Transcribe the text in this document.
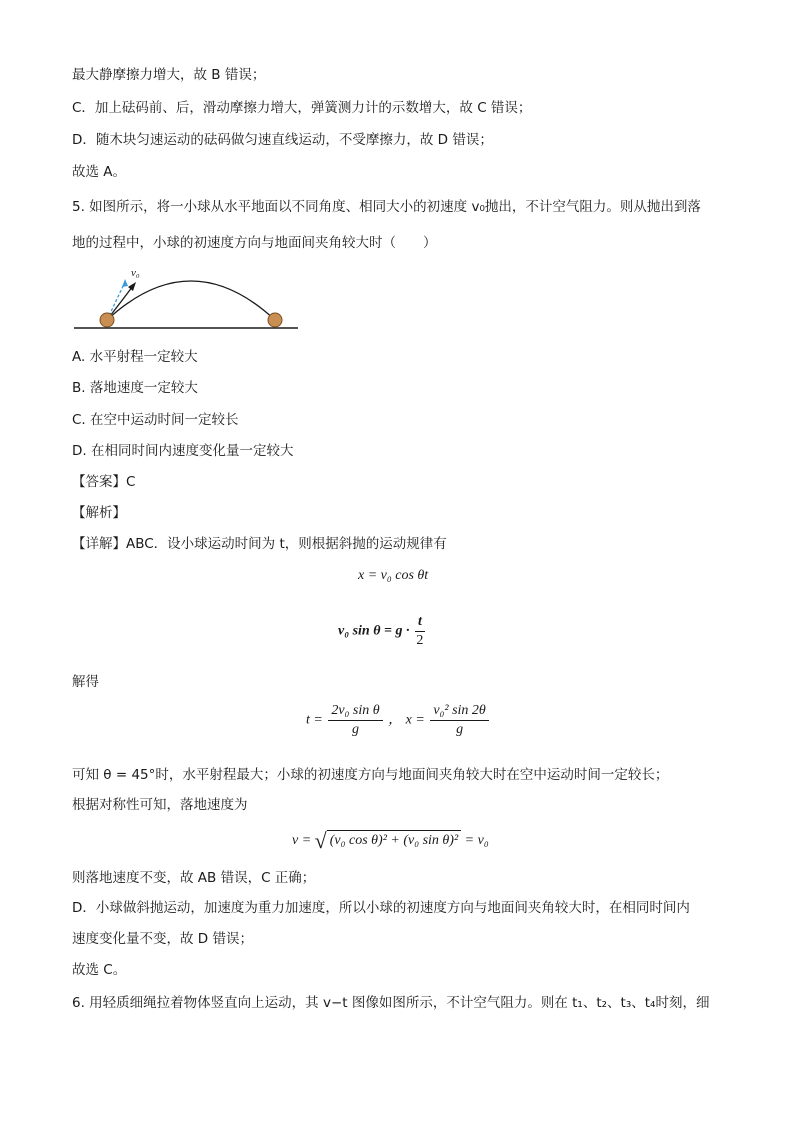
最大静摩擦力增大，故 B 错误；
C．加上砝码前、后，滑动摩擦力增大，弹簧测力计的示数增大，故 C 错误；
D．随木块匀速运动的砝码做匀速直线运动，不受摩擦力，故 D 错误；
故选 A。
5. 如图所示，将一小球从水平地面以不同角度、相同大小的初速度 v₀抛出，不计空气阻力。则从抛出到落
地的过程中，小球的初速度方向与地面间夹角较大时（　　）
v₀
A. 水平射程一定较大
B. 落地速度一定较大
C. 在空中运动时间一定较长
D. 在相同时间内速度变化量一定较大
【答案】C
【解析】
【详解】ABC．设小球运动时间为 t，则根据斜抛的运动规律有
x = v₀ cos θt
v₀ $\sin \theta = g \cdot \frac{t}{2}$
解得
$t = \frac{\text{2v₀ sin θ}}{g}$ ， $x = \frac{\text{v₀² sin 2θ}}{g}$
可知 θ = 45°时，水平射程最大；小球的初速度方向与地面间夹角较大时在空中运动时间一定较长；
根据对称性可知，落地速度为
v = √ (v₀ cos θ)² + (v₀ sin θ)² = v₀
则落地速度不变，故 AB 错误，C 正确；
D．小球做斜抛运动，加速度为重力加速度，所以小球的初速度方向与地面间夹角较大时，在相同时间内
速度变化量不变，故 D 错误；
故选 C。
6. 用轻质细绳拉着物体竖直向上运动，其 v−t 图像如图所示，不计空气阻力。则在 t₁、t₂、t₃、t₄时刻，细
